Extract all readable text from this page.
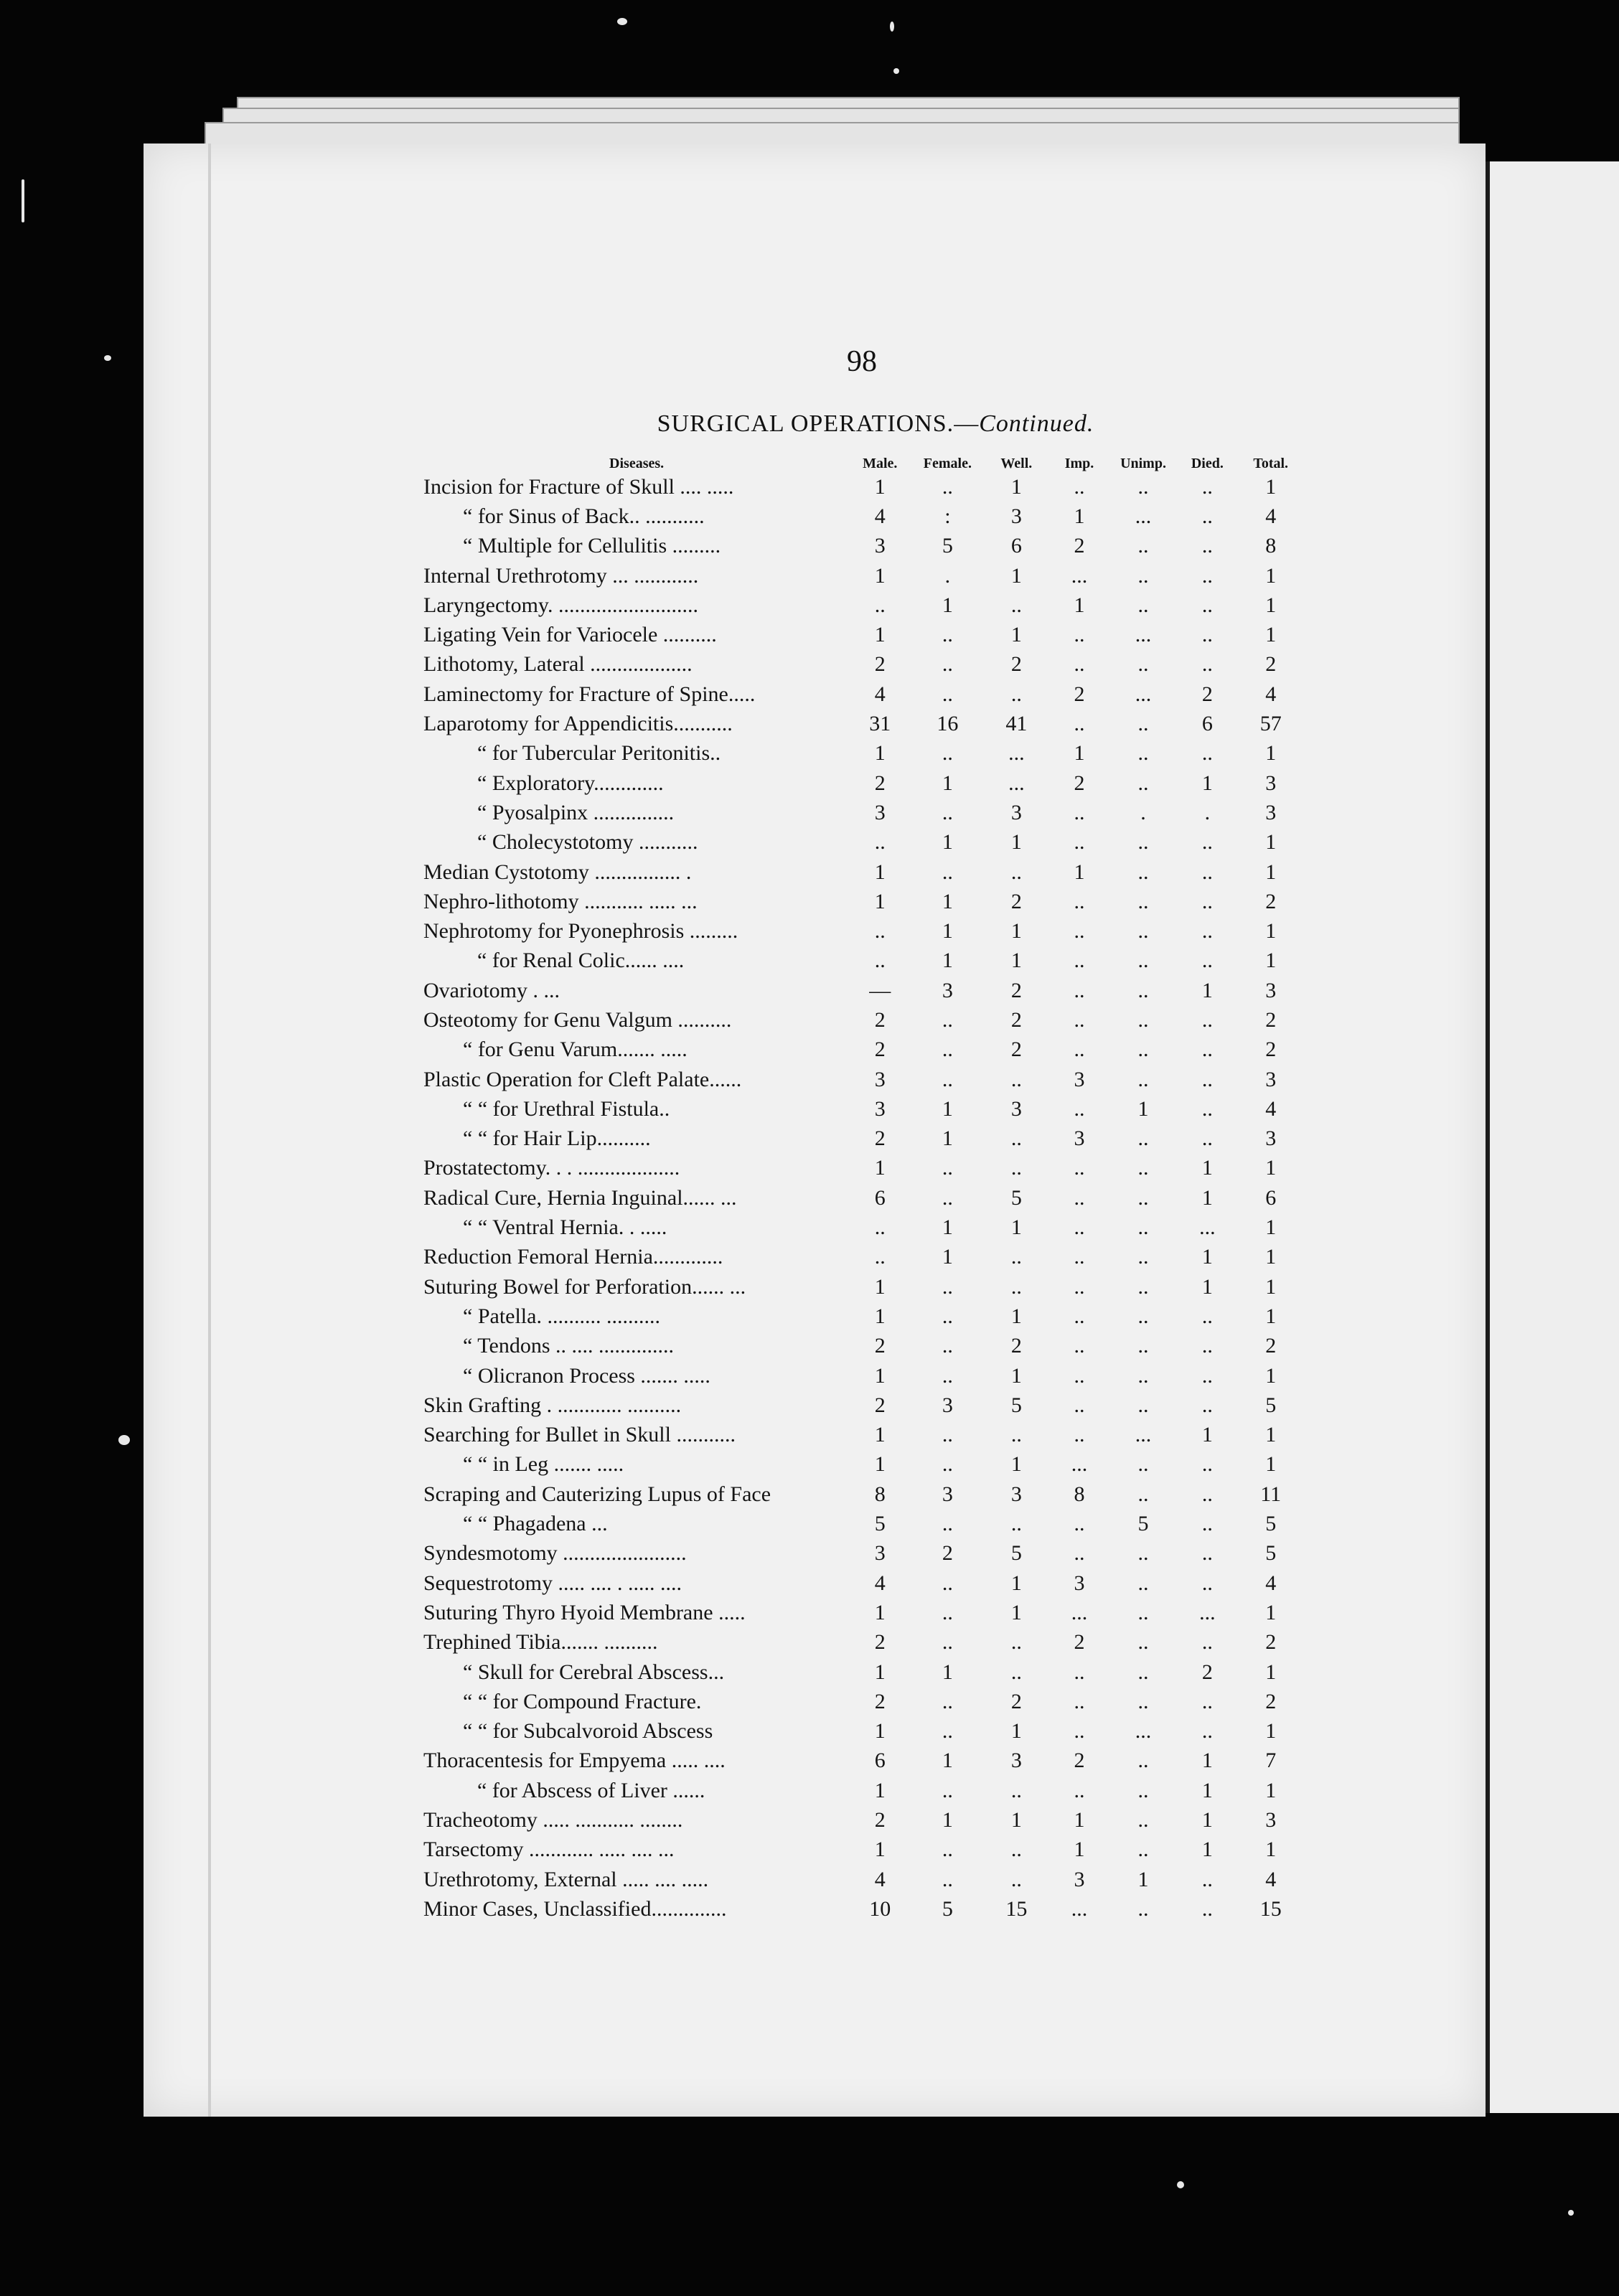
98
SURGICAL OPERATIONS.—Continued.
Diseases.	Male.	Female.	Well.	Imp.	Unimp.	Died.	Total.
Incision for Fracture of Skull .... .....	1	..	1	..	..	..	1
“ for Sinus of Back.. ...........	4	:	3	1	...	..	4
“ Multiple for Cellulitis .........	3	5	6	2	..	..	8
Internal Urethrotomy ... ............	1	.	1	...	..	..	1
Laryngectomy. ..........................	..	1	..	1	..	..	1
Ligating Vein for Variocele ..........	1	..	1	..	...	..	1
Lithotomy, Lateral ...................	2	..	2	..	..	..	2
Laminectomy for Fracture of Spine.....	4	..	..	2	...	2	4
Laparotomy for Appendicitis...........	31	16	41	..	..	6	57
“ for Tubercular Peritonitis..	1	..	...	1	..	..	1
“ Exploratory.............	2	1	...	2	..	1	3
“ Pyosalpinx ...............	3	..	3	..	.	.	3
“ Cholecystotomy ...........	..	1	1	..	..	..	1
Median Cystotomy ................ .	1	..	..	1	..	..	1
Nephro-lithotomy ........... ..... ...	1	1	2	..	..	..	2
Nephrotomy for Pyonephrosis .........	..	1	1	..	..	..	1
“ for Renal Colic...... ....	..	1	1	..	..	..	1
Ovariotomy . ...	—	3	2	..	..	1	3
Osteotomy for Genu Valgum ..........	2	..	2	..	..	..	2
“ for Genu Varum....... .....	2	..	2	..	..	..	2
Plastic Operation for Cleft Palate......	3	..	..	3	..	..	3
“ “ for Urethral Fistula..	3	1	3	..	1	..	4
“ “ for Hair Lip..........	2	1	..	3	..	..	3
Prostatectomy. . . ...................	1	..	..	..	..	1	1
Radical Cure, Hernia Inguinal...... ...	6	..	5	..	..	1	6
“ “ Ventral Hernia. . .....	..	1	1	..	..	...	1
Reduction Femoral Hernia.............	..	1	..	..	..	1	1
Suturing Bowel for Perforation...... ...	1	..	..	..	..	1	1
“ Patella. .......... ..........	1	..	1	..	..	..	1
“ Tendons .. .... ..............	2	..	2	..	..	..	2
“ Olicranon Process ....... .....	1	..	1	..	..	..	1
Skin Grafting . ............ ..........	2	3	5	..	..	..	5
Searching for Bullet in Skull ...........	1	..	..	..	...	1	1
“ “ in Leg ....... .....	1	..	1	...	..	..	1
Scraping and Cauterizing Lupus of Face	8	3	3	8	..	..	11
“ “ Phagadena ...	5	..	..	..	5	..	5
Syndesmotomy .......................	3	2	5	..	..	..	5
Sequestrotomy ..... .... . ..... ....	4	..	1	3	..	..	4
Suturing Thyro Hyoid Membrane .....	1	..	1	...	..	...	1
Trephined Tibia....... ..........	2	..	..	2	..	..	2
“ Skull for Cerebral Abscess...	1	1	..	..	..	2	1
“ “ for Compound Fracture.	2	..	2	..	..	..	2
“ “ for Subcalvoroid Abscess	1	..	1	..	...	..	1
Thoracentesis for Empyema ..... ....	6	1	3	2	..	1	7
“ for Abscess of Liver ......	1	..	..	..	..	1	1
Tracheotomy ..... ........... ........	2	1	1	1	..	1	3
Tarsectomy ............ ..... .... ...	1	..	..	1	..	1	1
Urethrotomy, External ..... .... .....	4	..	..	3	1	..	4
Minor Cases, Unclassified..............	10	5	15	...	..	..	15
